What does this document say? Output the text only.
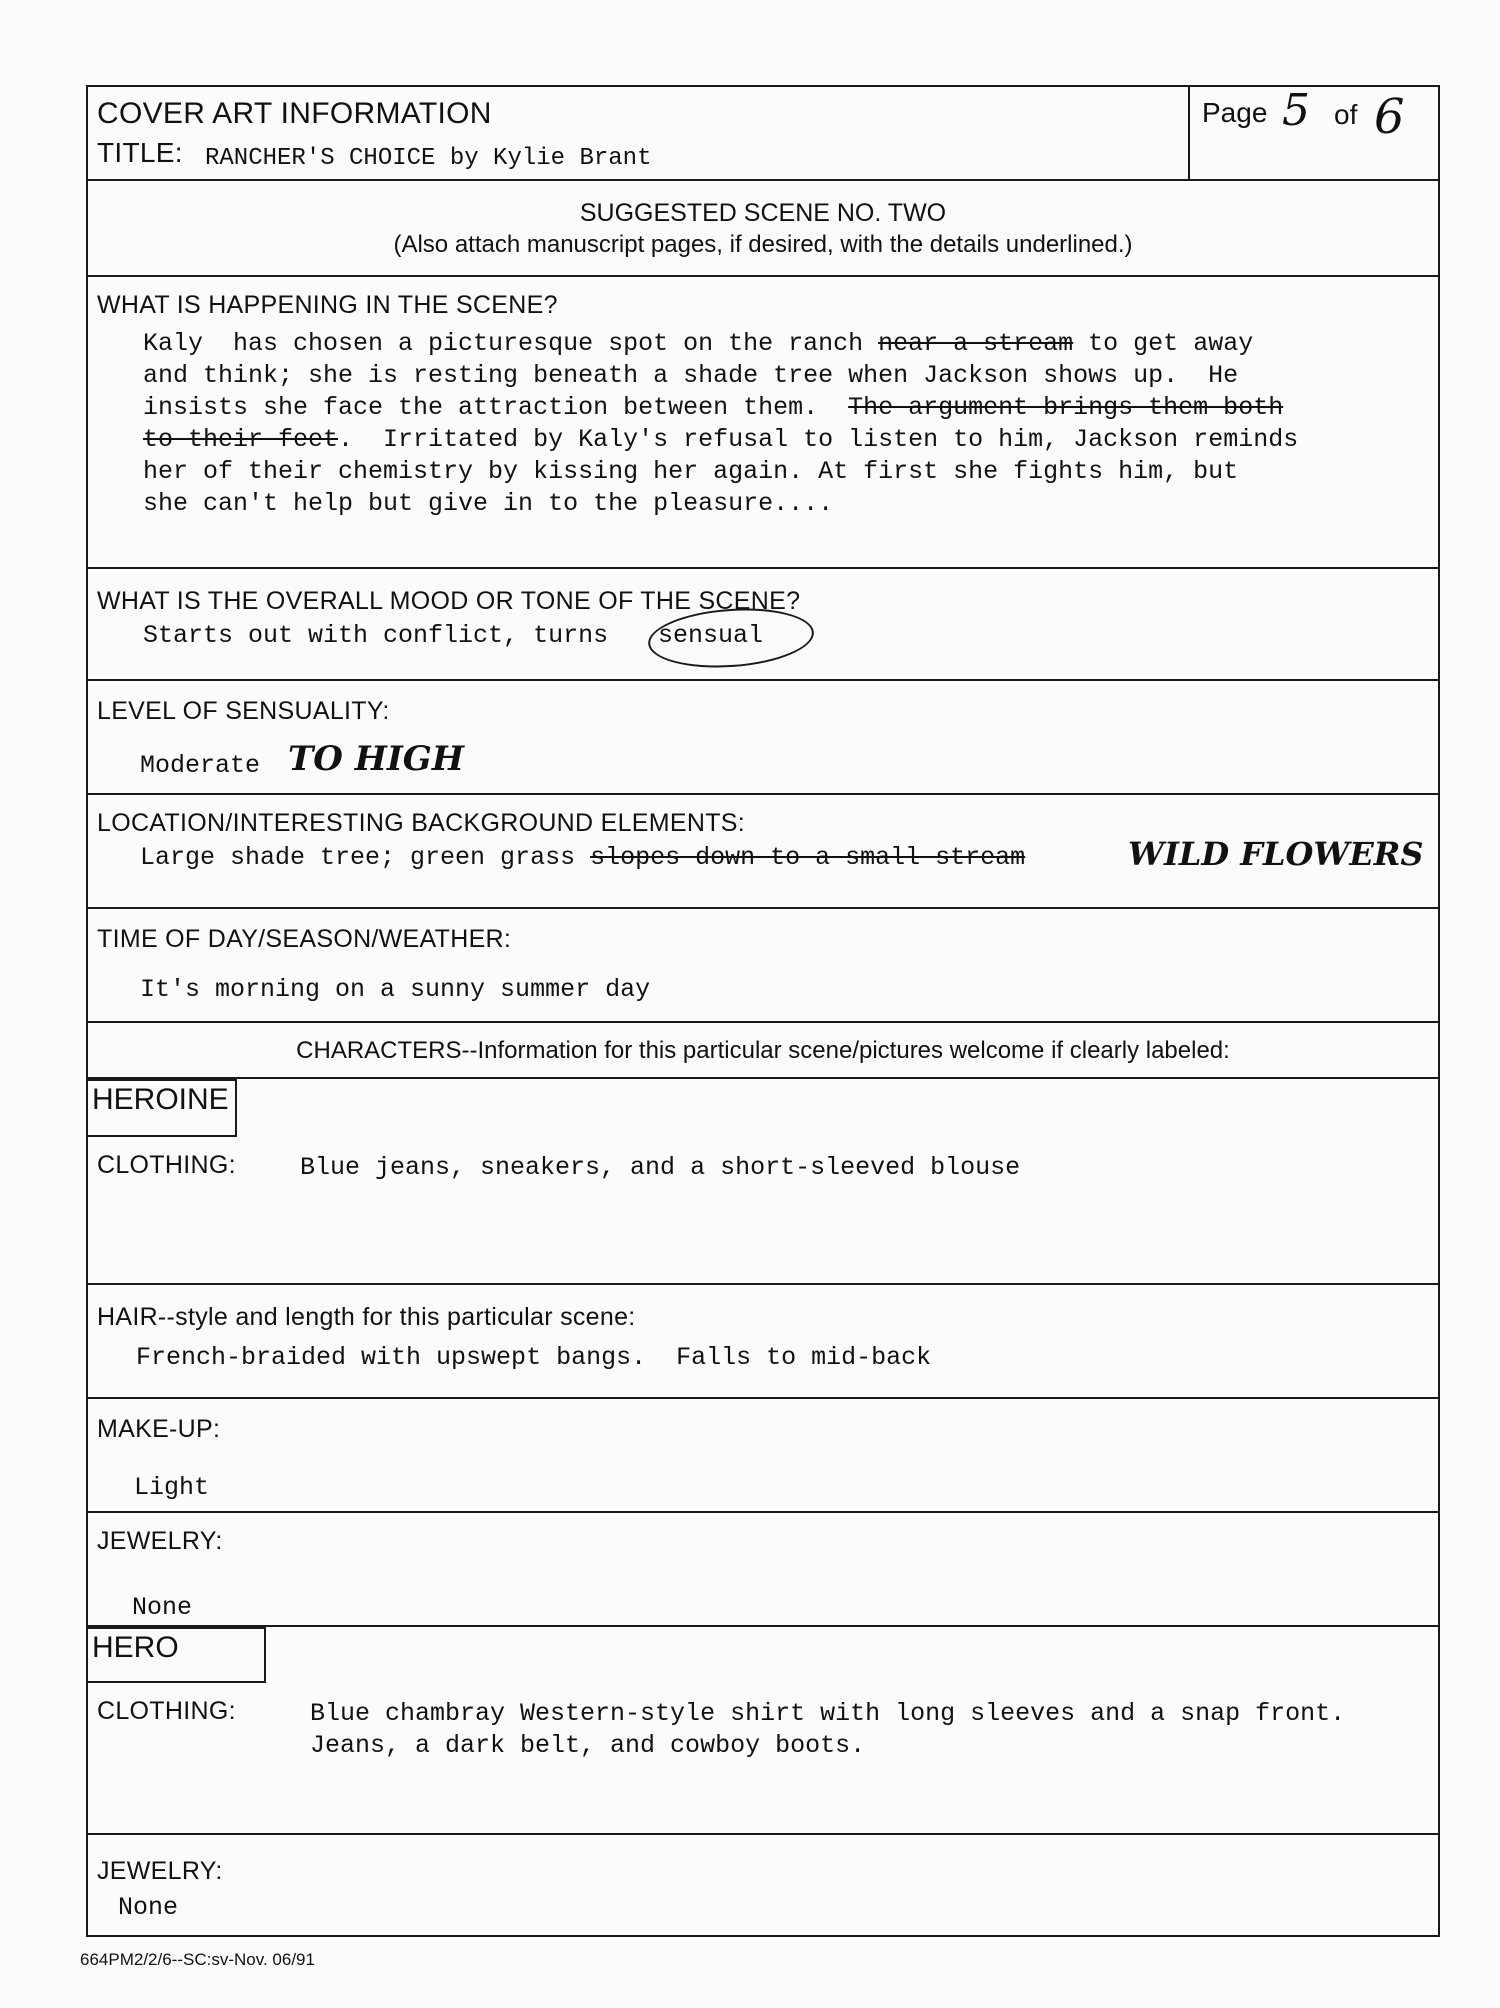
COVER ART INFORMATION
TITLE: RANCHER'S CHOICE by Kylie Brant
Page 5 of 6
SUGGESTED SCENE NO. TWO
(Also attach manuscript pages, if desired, with the details underlined.)
WHAT IS HAPPENING IN THE SCENE?
Kaly  has chosen a picturesque spot on the ranch near a stream to get away
and think; she is resting beneath a shade tree when Jackson shows up.  He
insists she face the attraction between them.  The argument brings them both
to their feet.  Irritated by Kaly's refusal to listen to him, Jackson reminds
her of their chemistry by kissing her again. At first she fights him, but
she can't help but give in to the pleasure....
WHAT IS THE OVERALL MOOD OR TONE OF THE SCENE?
Starts out with conflict, turns sensual
LEVEL OF SENSUALITY:
Moderate TO HIGH
LOCATION/INTERESTING BACKGROUND ELEMENTS:
Large shade tree; green grass slopes down to a small stream	WILD FLOWERS
TIME OF DAY/SEASON/WEATHER:
It's morning on a sunny summer day
CHARACTERS--Information for this particular scene/pictures welcome if clearly labeled:
HEROINE
CLOTHING:	Blue jeans, sneakers, and a short-sleeved blouse
HAIR--style and length for this particular scene:
French-braided with upswept bangs.  Falls to mid-back
MAKE-UP:
Light
JEWELRY:
None
HERO
CLOTHING:	Blue chambray Western-style shirt with long sleeves and a snap front.
Jeans, a dark belt, and cowboy boots.
JEWELRY:
None
664PM2/2/6--SC:sv-Nov. 06/91
